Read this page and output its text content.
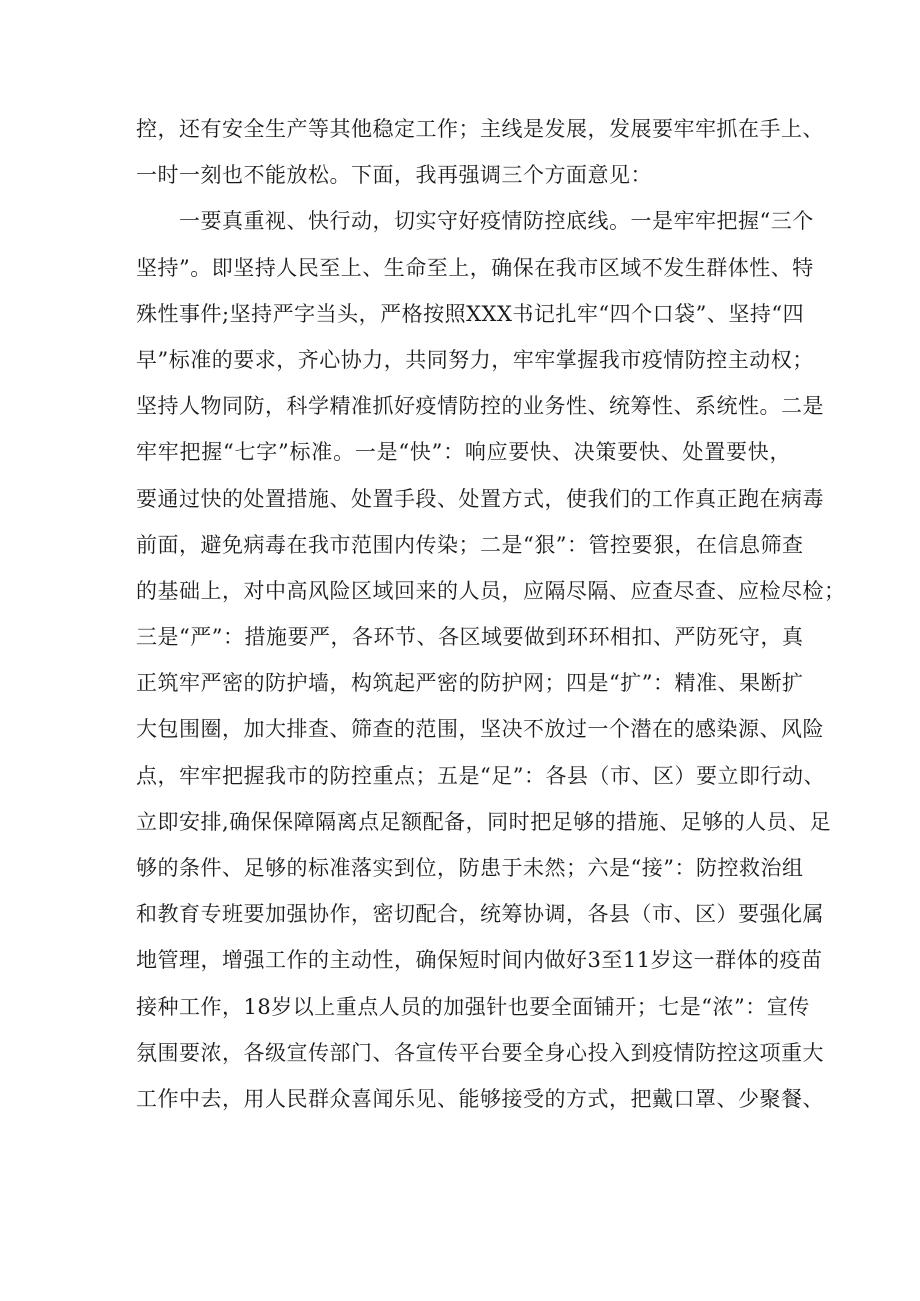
控，还有安全生产等其他稳定工作；主线是发展，发展要牢牢抓在手上、
一时一刻也不能放松。下面，我再强调三个方面意见：
　　一要真重视、快行动，切实守好疫情防控底线。一是牢牢把握“三个
坚持”。即坚持人民至上、生命至上，确保在我市区域不发生群体性、特
殊性事件;坚持严字当头，严格按照XXX书记扎牢“四个口袋”、坚持“四
早”标准的要求，齐心协力，共同努力，牢牢掌握我市疫情防控主动权；
坚持人物同防，科学精准抓好疫情防控的业务性、统筹性、系统性。二是
牢牢把握“七字”标准。一是“快”：响应要快、决策要快、处置要快，
要通过快的处置措施、处置手段、处置方式，使我们的工作真正跑在病毒
前面，避免病毒在我市范围内传染；二是“狠”：管控要狠，在信息筛查
的基础上，对中高风险区域回来的人员，应隔尽隔、应查尽查、应检尽检；
三是“严”：措施要严，各环节、各区域要做到环环相扣、严防死守，真
正筑牢严密的防护墙，构筑起严密的防护网；四是“扩”：精准、果断扩
大包围圈，加大排查、筛查的范围，坚决不放过一个潜在的感染源、风险
点，牢牢把握我市的防控重点；五是“足”：各县（市、区）要立即行动、
立即安排,确保保障隔离点足额配备，同时把足够的措施、足够的人员、足
够的条件、足够的标准落实到位，防患于未然；六是“接”：防控救治组
和教育专班要加强协作，密切配合，统筹协调，各县（市、区）要强化属
地管理，增强工作的主动性，确保短时间内做好3至11岁这一群体的疫苗
接种工作，18岁以上重点人员的加强针也要全面铺开；七是“浓”：宣传
氛围要浓，各级宣传部门、各宣传平台要全身心投入到疫情防控这项重大
工作中去，用人民群众喜闻乐见、能够接受的方式，把戴口罩、少聚餐、
